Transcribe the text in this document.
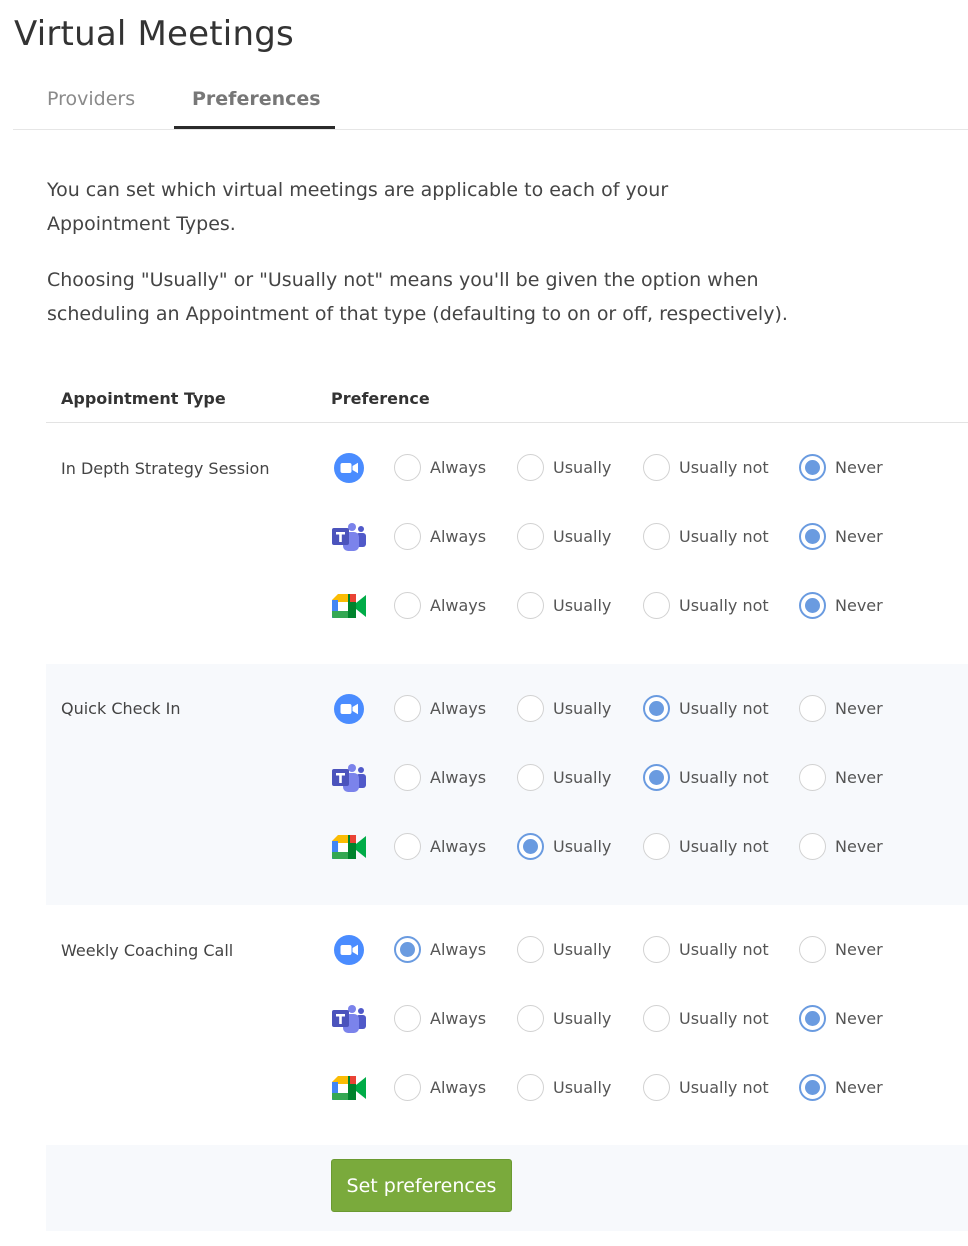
Virtual Meetings
Providers	Preferences
You can set which virtual meetings are applicable to each of your Appointment Types.
Choosing "Usually" or "Usually not" means you'll be given the option when scheduling an Appointment of that type (defaulting to on or off, respectively).
Appointment Type	Preference
In Depth Strategy Session	Always	Usually	Usually not	Never
Always	Usually	Usually not	Never
Always	Usually	Usually not	Never
Quick Check In	Always	Usually	Usually not	Never
Always	Usually	Usually not	Never
Always	Usually	Usually not	Never
Weekly Coaching Call	Always	Usually	Usually not	Never
Always	Usually	Usually not	Never
Always	Usually	Usually not	Never
Set preferences
